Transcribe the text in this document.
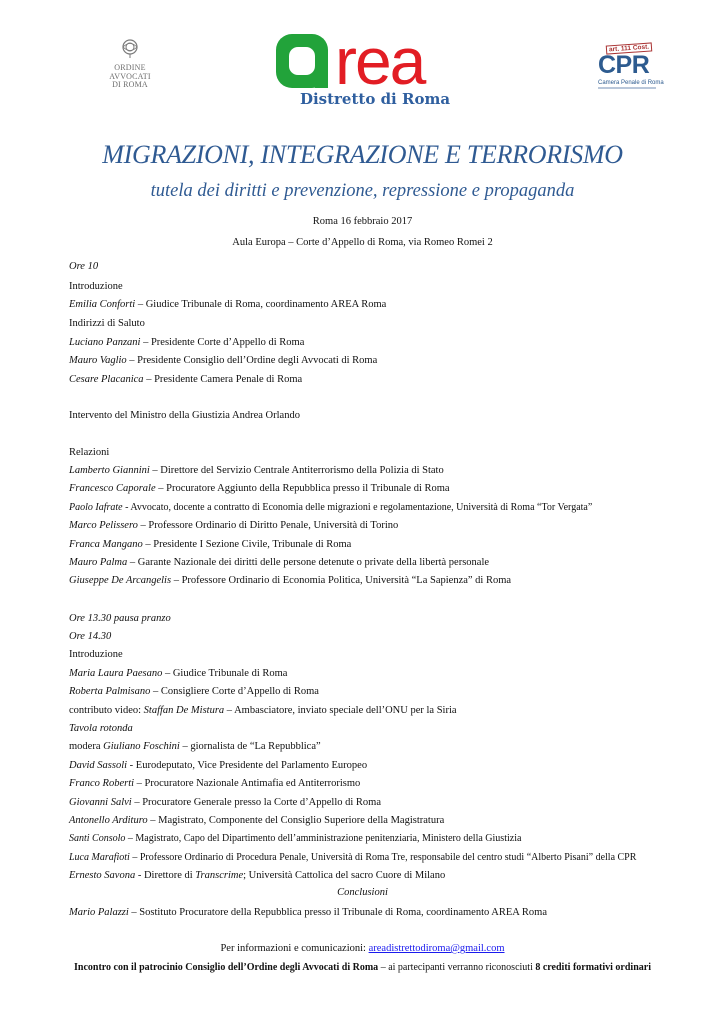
ORDINE
AVVOCATI
DI ROMA	rea
Distretto di Roma
art. 111 Cost.
CPR
Camera Penale di Roma
MIGRAZIONI, INTEGRAZIONE E TERRORISMO
tutela dei diritti e prevenzione, repressione e propaganda
Roma 16 febbraio 2017
Aula Europa – Corte d’Appello di Roma, via Romeo Romei 2
Ore 10
Introduzione
Emilia Conforti – Giudice Tribunale di Roma, coordinamento AREA Roma
Indirizzi di Saluto
Luciano Panzani – Presidente Corte d’Appello di Roma
Mauro Vaglio – Presidente Consiglio dell’Ordine degli Avvocati di Roma
Cesare Placanica – Presidente Camera Penale di Roma
Intervento del Ministro della Giustizia Andrea Orlando
Relazioni
Lamberto Giannini – Direttore del Servizio Centrale Antiterrorismo della Polizia di Stato
Francesco Caporale – Procuratore Aggiunto della Repubblica presso il Tribunale di Roma
Paolo Iafrate - Avvocato, docente a contratto di Economia delle migrazioni e regolamentazione, Università di Roma “Tor Vergata”
Marco Pelissero – Professore Ordinario di Diritto Penale, Università di Torino
Franca Mangano – Presidente I Sezione Civile, Tribunale di Roma
Mauro Palma – Garante Nazionale dei diritti delle persone detenute o private della libertà personale
Giuseppe De Arcangelis – Professore Ordinario di Economia Politica, Università “La Sapienza” di Roma
Ore 13.30 pausa pranzo
Ore 14.30
Introduzione
Maria Laura Paesano – Giudice Tribunale di Roma
Roberta Palmisano – Consigliere Corte d’Appello di Roma
contributo video: Staffan De Mistura – Ambasciatore, inviato speciale dell’ONU per la Siria
Tavola rotonda
modera Giuliano Foschini – giornalista de “La Repubblica”
David Sassoli - Eurodeputato, Vice Presidente del Parlamento Europeo
Franco Roberti – Procuratore Nazionale Antimafia ed Antiterrorismo
Giovanni Salvi – Procuratore Generale presso la Corte d’Appello di Roma
Antonello Ardituro – Magistrato, Componente del Consiglio Superiore della Magistratura
Santi Consolo – Magistrato, Capo del Dipartimento dell’amministrazione penitenziaria, Ministero della Giustizia
Luca Marafioti – Professore Ordinario di Procedura Penale, Università di Roma Tre, responsabile del centro studi “Alberto Pisani” della CPR
Ernesto Savona - Direttore di Transcrime; Università Cattolica del sacro Cuore di Milano
Conclusioni
Mario Palazzi – Sostituto Procuratore della Repubblica presso il Tribunale di Roma, coordinamento AREA Roma
Per informazioni e comunicazioni: areadistrettodiroma@gmail.com
Incontro con il patrocinio Consiglio dell’Ordine degli Avvocati di Roma – ai partecipanti verranno riconosciuti 8 crediti formativi ordinari
